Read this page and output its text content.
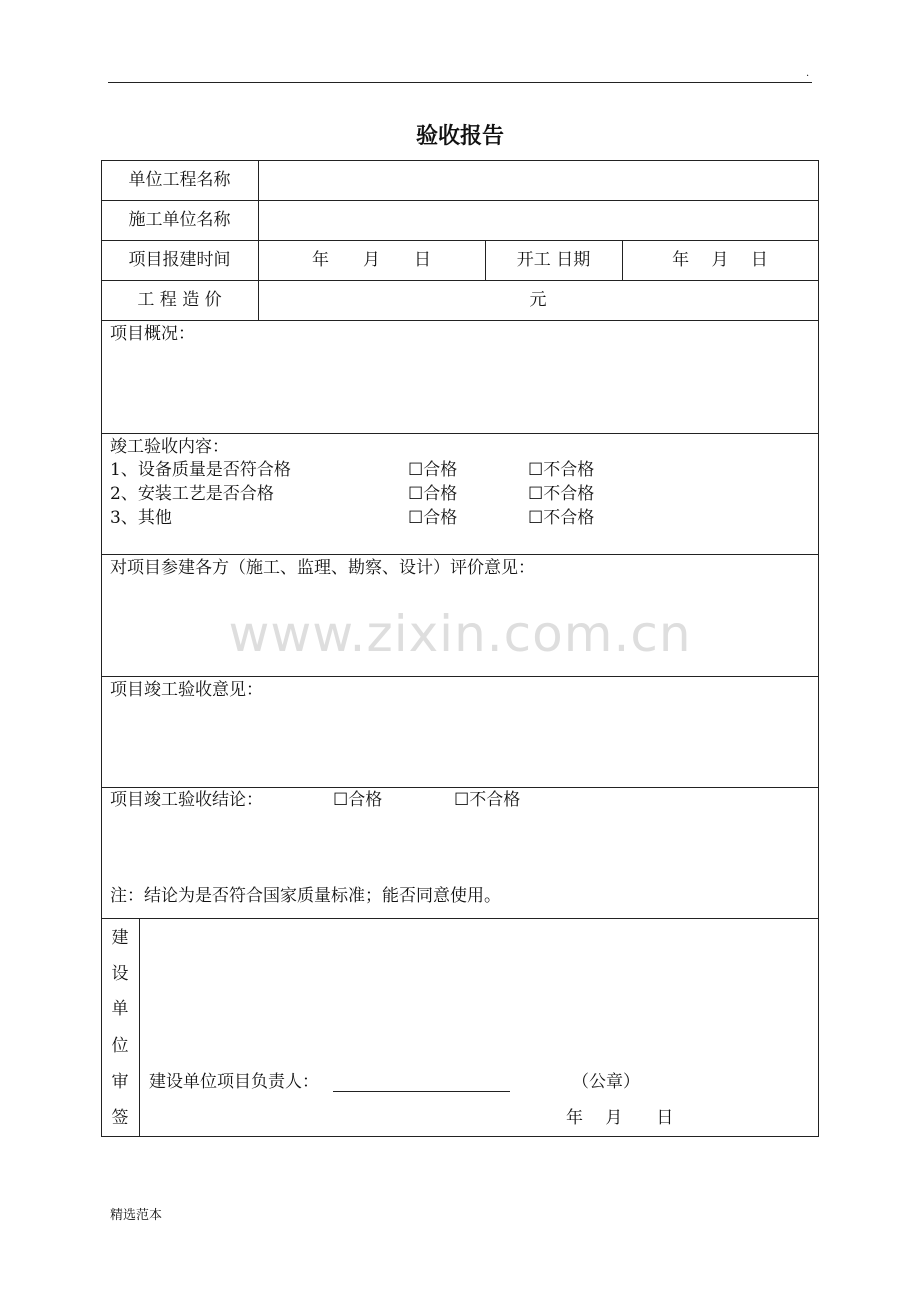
.
验收报告
单位工程名称
施工单位名称
项目报建时间	年　　月　　日	开工 日期	年　 月　 日
工 程 造 价	元
项目概况：
竣工验收内容：
1、设备质量是否符合格	☐合格	☐不合格
2、安装工艺是否合格	☐合格	☐不合格
3、其他	☐合格	☐不合格
对项目参建各方（施工、监理、勘察、设计）评价意见：
www.zixin.com.cn
项目竣工验收意见：
项目竣工验收结论：	☐合格	☐不合格
注：结论为是否符合国家质量标准；能否同意使用。
建
设
单
位
审
签
建设单位项目负责人：	（公章）
年　 月　　日
精选范本
